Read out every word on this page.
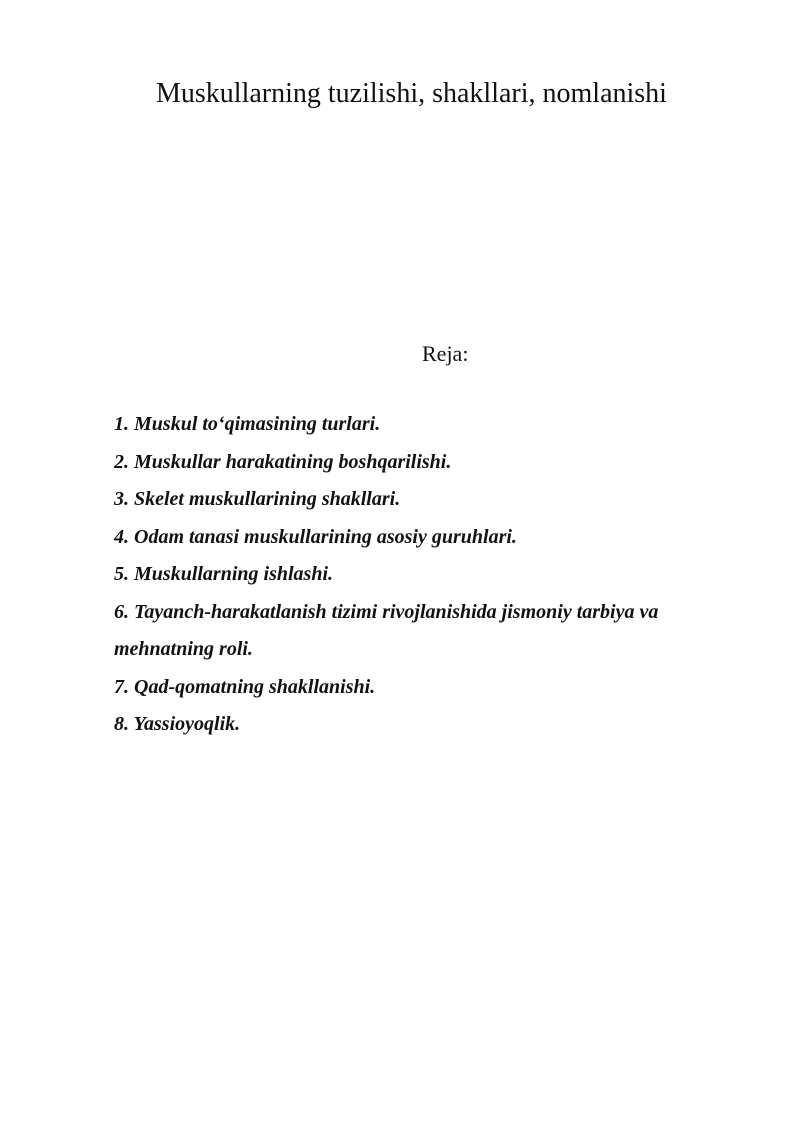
Muskullarning tuzilishi, shakllari, nomlanishi
Reja:
1. Muskul to‘qimasining turlari.
2. Muskullar harakatining boshqarilishi.
3. Skelet muskullarining shakllari.
4. Odam tanasi muskullarining asosiy guruhlari.
5. Muskullarning ishlashi.
6. Tayanch-harakatlanish tizimi rivojlanishida jismoniy tarbiya va mehnatning roli.
7. Qad-qomatning shakllanishi.
8. Yassioyoqlik.
